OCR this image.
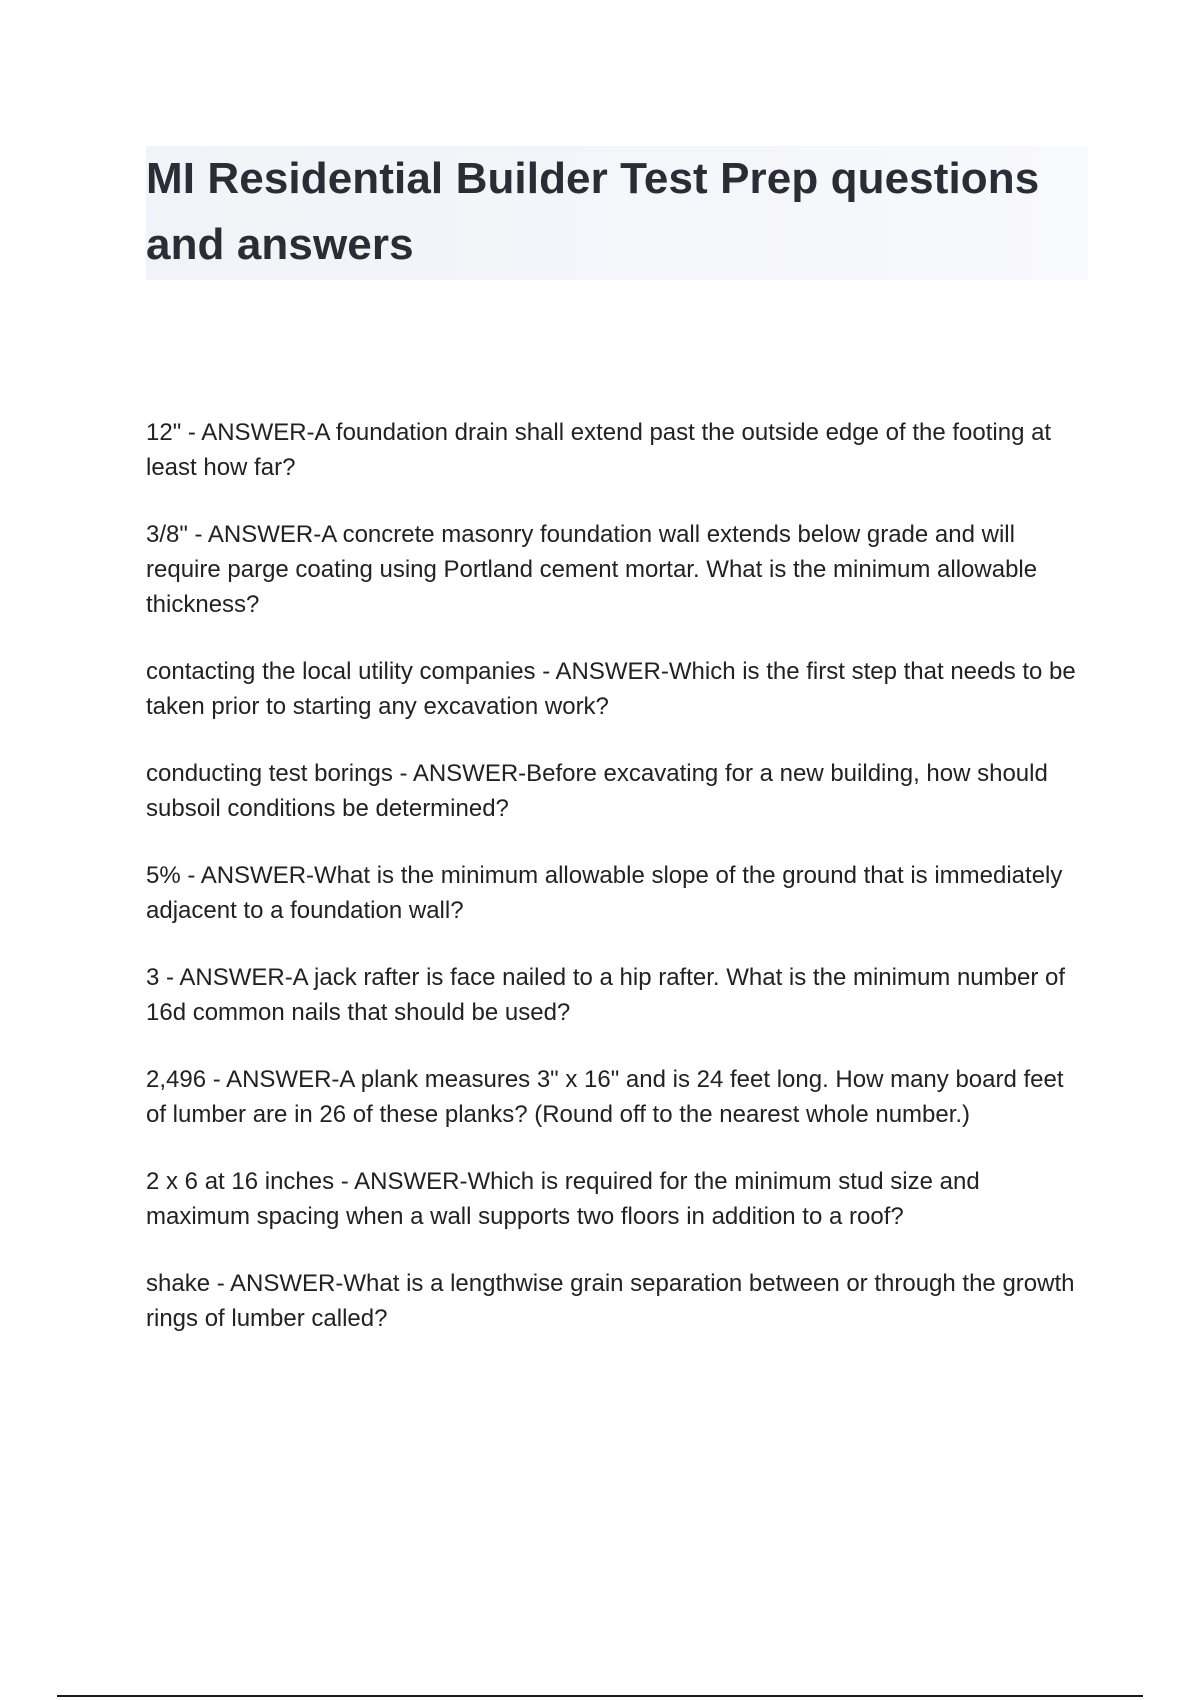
MI Residential Builder Test Prep questions and answers
12" - ANSWER-A foundation drain shall extend past the outside edge of the footing at least how far?
3/8" - ANSWER-A concrete masonry foundation wall extends below grade and will require parge coating using Portland cement mortar. What is the minimum allowable thickness?
contacting the local utility companies - ANSWER-Which is the first step that needs to be taken prior to starting any excavation work?
conducting test borings - ANSWER-Before excavating for a new building, how should subsoil conditions be determined?
5% - ANSWER-What is the minimum allowable slope of the ground that is immediately adjacent to a foundation wall?
3 - ANSWER-A jack rafter is face nailed to a hip rafter. What is the minimum number of 16d common nails that should be used?
2,496 - ANSWER-A plank measures 3" x 16" and is 24 feet long. How many board feet of lumber are in 26 of these planks? (Round off to the nearest whole number.)
2 x 6 at 16 inches - ANSWER-Which is required for the minimum stud size and maximum spacing when a wall supports two floors in addition to a roof?
shake - ANSWER-What is a lengthwise grain separation between or through the growth rings of lumber called?
